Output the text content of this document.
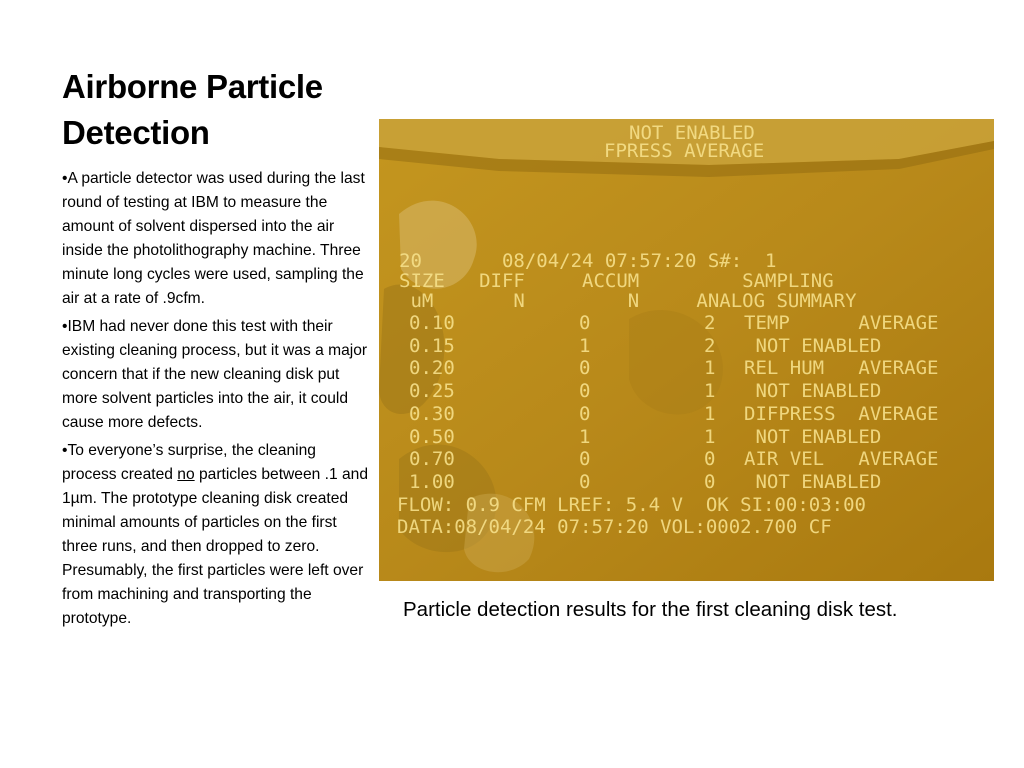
Airborne Particle Detection

•A particle detector was used during the last round of testing at IBM to measure the amount of solvent dispersed into the air inside the photolithography machine. Three minute long cycles were used, sampling the air at a rate of .9cfm.

•IBM had never done this test with their existing cleaning process, but it was a major concern that if the new cleaning disk put more solvent particles into the air, it could cause more defects.

•To everyone’s surprise, the cleaning process created no particles between .1 and 1µm. The prototype cleaning disk created minimal amounts of particles on the first three runs, and then dropped to zero. Presumably, the first particles were left over from machining and transporting the prototype.

NOT ENABLED
FPRESS AVERAGE
20       08/04/24 07:57:20 S#:  1
SIZE   DIFF     ACCUM         SAMPLING
uM       N         N     ANALOG SUMMARY
0.10	0	2 TEMP      AVERAGE
0.15	1	2 NOT ENABLED
0.20	0	1 REL HUM   AVERAGE
0.25	0	1 NOT ENABLED
0.30	0	1 DIFPRESS  AVERAGE
0.50	1	1 NOT ENABLED
0.70	0	0 AIR VEL   AVERAGE
1.00	0	0 NOT ENABLED
FLOW: 0.9 CFM LREF: 5.4 V  OK SI:00:03:00
DATA:08/04/24 07:57:20 VOL:0002.700 CF
Particle detection results for the first cleaning disk test.
